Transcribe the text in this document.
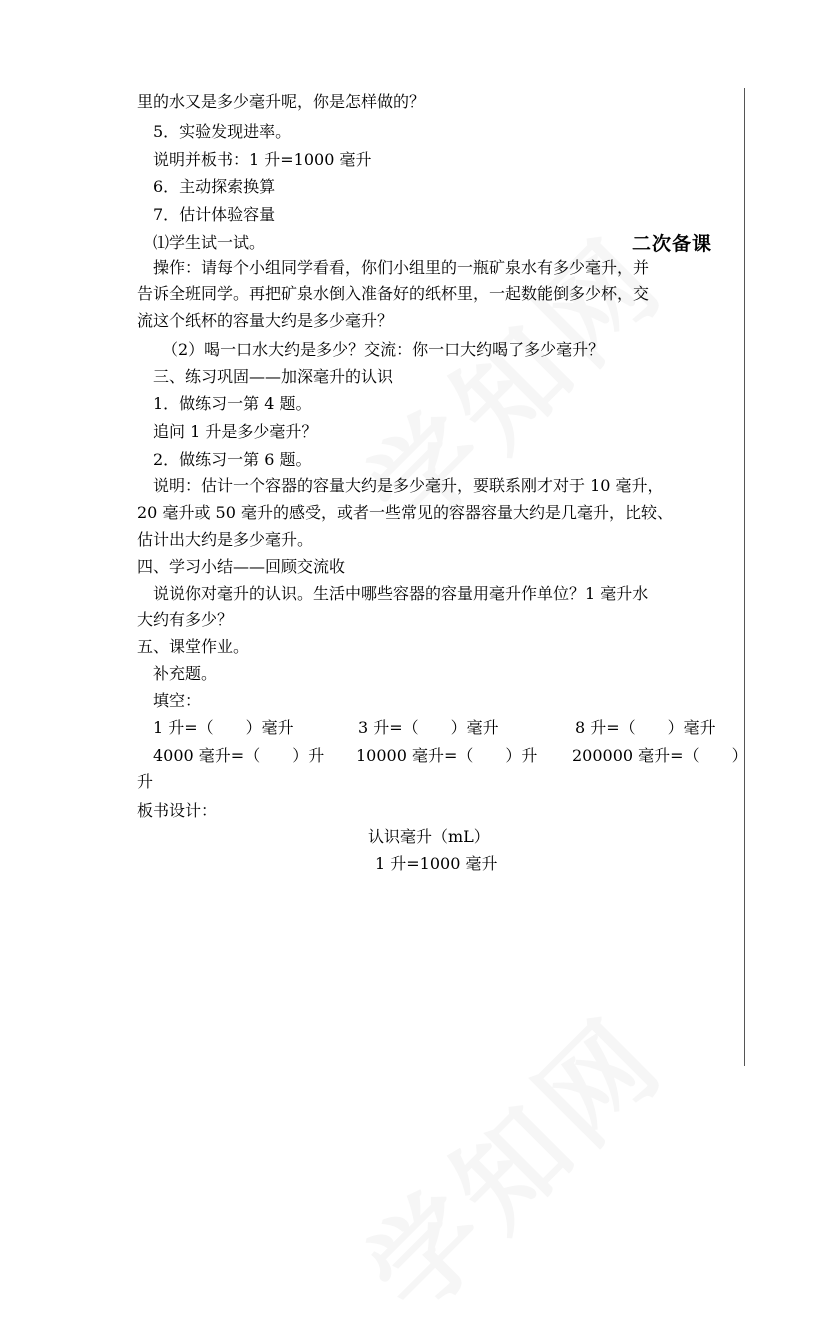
二次备课
里的水又是多少毫升呢，你是怎样做的？
5．实验发现进率。
说明并板书：1 升=1000 毫升
6．主动探索换算
7．估计体验容量
⑴学生试一试。
操作：请每个小组同学看看，你们小组里的一瓶矿泉水有多少毫升，并
告诉全班同学。再把矿泉水倒入准备好的纸杯里，一起数能倒多少杯，交
流这个纸杯的容量大约是多少毫升？
（2）喝一口水大约是多少？交流：你一口大约喝了多少毫升？
三、练习巩固——加深毫升的认识
1．做练习一第 4 题。
追问 1 升是多少毫升？
2．做练习一第 6 题。
说明：估计一个容器的容量大约是多少毫升，要联系刚才对于 10 毫升，
20 毫升或 50 毫升的感受，或者一些常见的容器容量大约是几毫升，比较、
估计出大约是多少毫升。
四、学习小结——回顾交流收
说说你对毫升的认识。生活中哪些容器的容量用毫升作单位？1 毫升水
大约有多少？
五、课堂作业。
补充题。
填空：
1 升=（　　）毫升	3 升=（　　）毫升	8 升=（　　）毫升
4000 毫升=（　　）升 10000 毫升=（　　）升 200000 毫升=（　　）
升
板书设计：
认识毫升（mL）
1 升=1000 毫升
